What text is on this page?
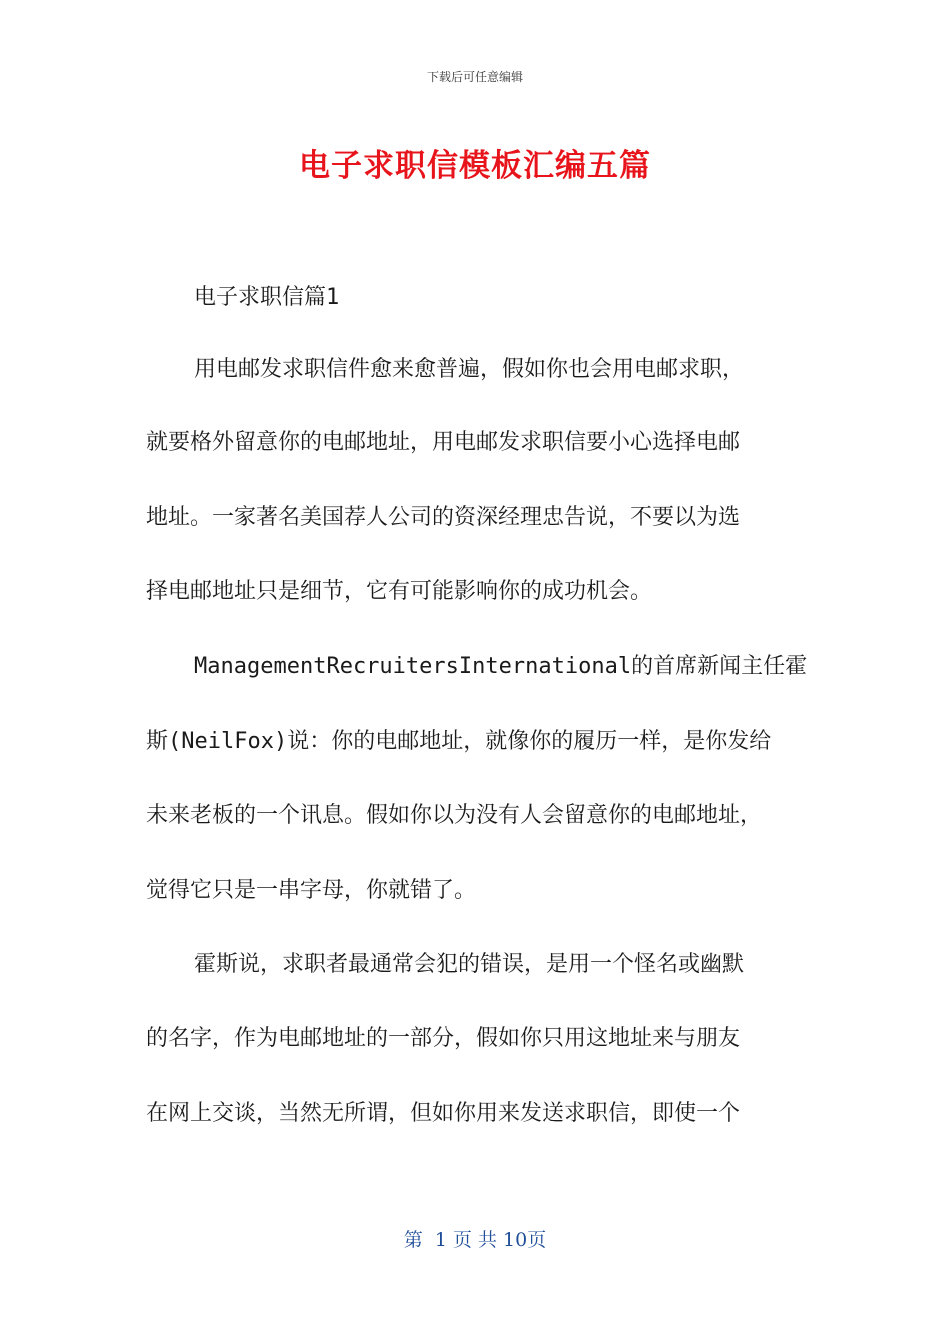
下载后可任意编辑
电子求职信模板汇编五篇
电子求职信篇1
用电邮发求职信件愈来愈普遍，假如你也会用电邮求职，
就要格外留意你的电邮地址，用电邮发求职信要小心选择电邮
地址。一家著名美国荐人公司的资深经理忠告说，不要以为选
择电邮地址只是细节，它有可能影响你的成功机会。
ManagementRecruitersInternational的首席新闻主任霍
斯(NeilFox)说：你的电邮地址，就像你的履历一样，是你发给
未来老板的一个讯息。假如你以为没有人会留意你的电邮地址，
觉得它只是一串字母，你就错了。
霍斯说，求职者最通常会犯的错误，是用一个怪名或幽默
的名字，作为电邮地址的一部分，假如你只用这地址来与朋友
在网上交谈，当然无所谓，但如你用来发送求职信，即使一个
第  1 页 共 10页
